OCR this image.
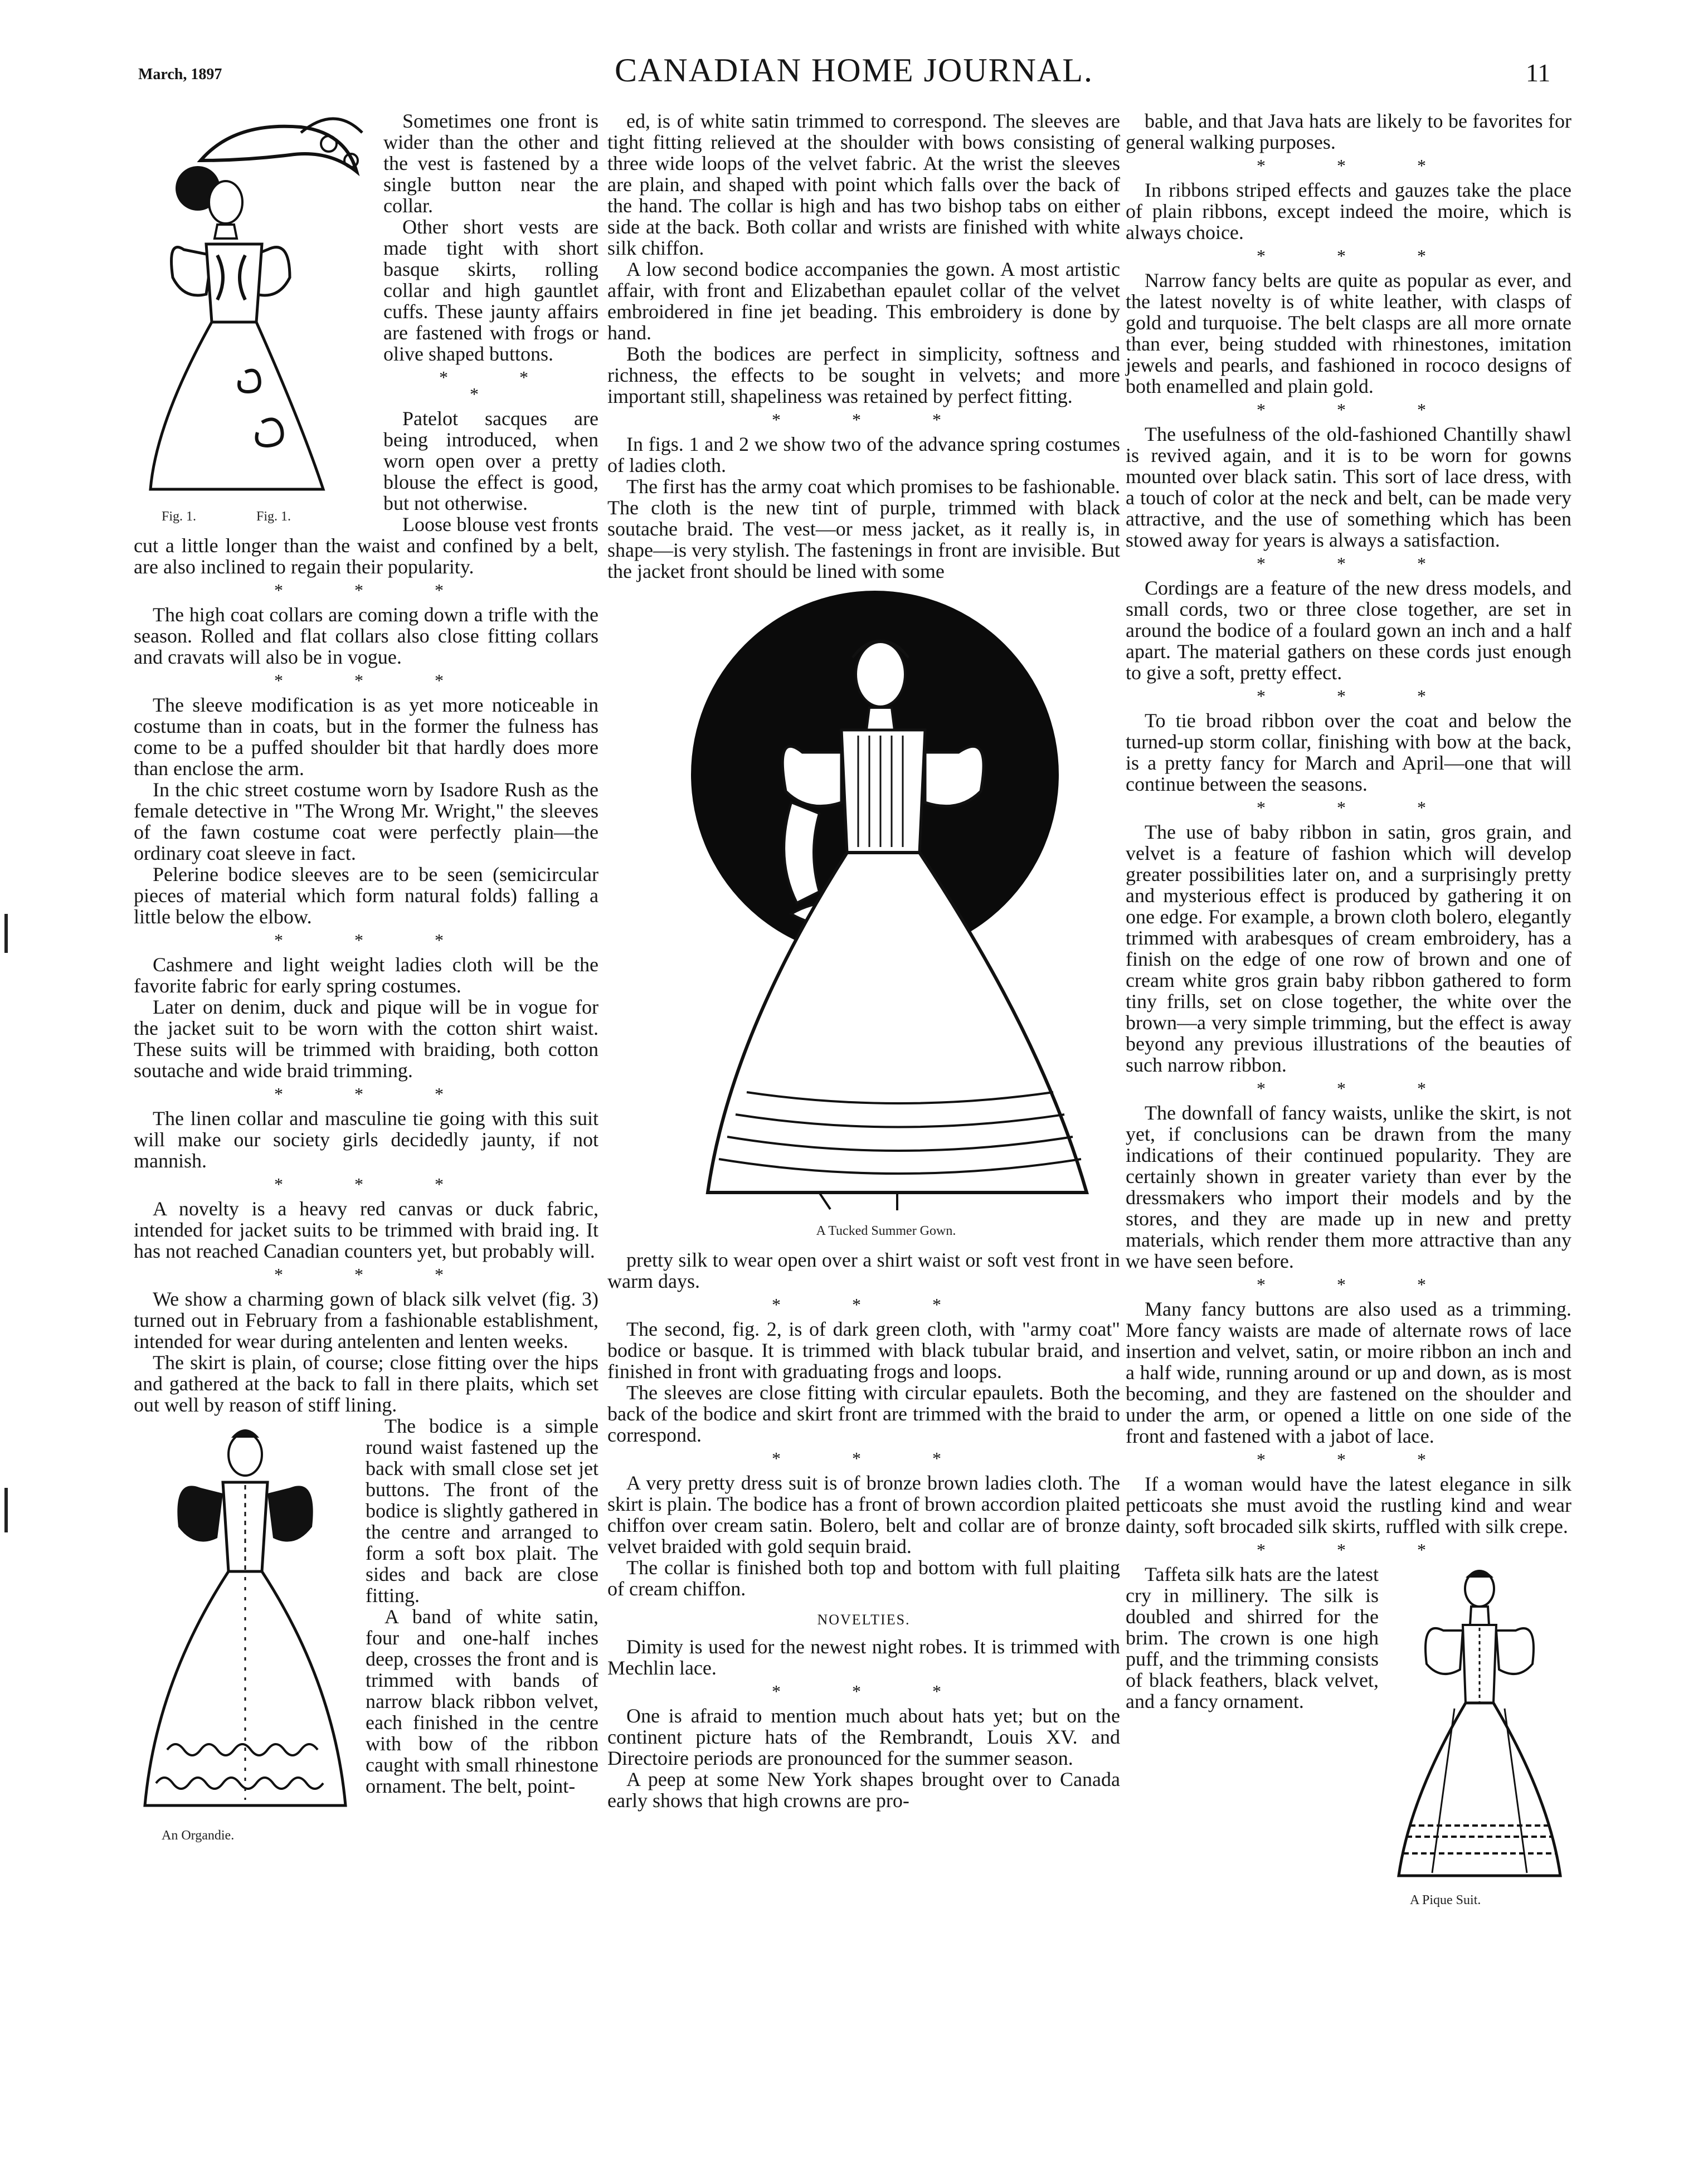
March, 1897	CANADIAN HOME JOURNAL.	11
Fig. 1.	Fig. 1.

Sometimes one front is wider than the other and the vest is fastened by a single button near the collar.

Other short vests are made tight with short basque skirts, rolling collar and high gauntlet cuffs. These jaunty affairs are fastened with frogs or olive shaped buttons.

* * *

Patelot sacques are being introduced, when worn open over a pretty blouse the effect is good, but not otherwise.

Loose blouse vest fronts cut a little longer than the waist and confined by a belt, are also inclined to regain their popularity.

* * *

The high coat collars are coming down a trifle with the season. Rolled and flat collars also close fitting collars and cravats will also be in vogue.

* * *

The sleeve modification is as yet more noticeable in costume than in coats, but in the former the fulness has come to be a puffed shoulder bit that hardly does more than enclose the arm.

In the chic street costume worn by Isadore Rush as the female detective in "The Wrong Mr. Wright," the sleeves of the fawn costume coat were perfectly plain—the ordinary coat sleeve in fact.

Pelerine bodice sleeves are to be seen (semicircular pieces of material which form natural folds) falling a little below the elbow.

* * *

Cashmere and light weight ladies cloth will be the favorite fabric for early spring costumes.

Later on denim, duck and pique will be in vogue for the jacket suit to be worn with the cotton shirt waist. These suits will be trimmed with braiding, both cotton soutache and wide braid trimming.

* * *

The linen collar and masculine tie going with this suit will make our society girls decidedly jaunty, if not mannish.

* * *

A novelty is a heavy red canvas or duck fabric, intended for jacket suits to be trimmed with braid ing. It has not reached Canadian counters yet, but probably will.

* * *

We show a charming gown of black silk velvet (fig. 3) turned out in February from a fashionable establishment, intended for wear during antelenten and lenten weeks.

The skirt is plain, of course; close fitting over the hips and gathered at the back to fall in there plaits, which set out well by reason of stiff lining.

An Organdie.

The bodice is a simple round waist fastened up the back with small close set jet buttons. The front of the bodice is slightly gathered in the centre and arranged to form a soft box plait. The sides and back are close fitting.

A band of white satin, four and one-half inches deep, crosses the front and is trimmed with bands of narrow black ribbon velvet, each finished in the centre with bow of the ribbon caught with small rhinestone ornament. The belt, point-

ed, is of white satin trimmed to correspond. The sleeves are tight fitting relieved at the shoulder with bows consisting of three wide loops of the velvet fabric. At the wrist the sleeves are plain, and shaped with point which falls over the back of the hand. The collar is high and has two bishop tabs on either side at the back. Both collar and wrists are finished with white silk chiffon.

A low second bodice accompanies the gown. A most artistic affair, with front and Elizabethan epaulet collar of the velvet embroidered in fine jet beading. This embroidery is done by hand.

Both the bodices are perfect in simplicity, softness and richness, the effects to be sought in velvets; and more important still, shapeliness was retained by perfect fitting.

* * *

In figs. 1 and 2 we show two of the advance spring costumes of ladies cloth.

The first has the army coat which promises to be fashionable. The cloth is the new tint of purple, trimmed with black soutache braid. The vest—or mess jacket, as it really is, in shape—is very stylish. The fastenings in front are invisible. But the jacket front should be lined with some

A Tucked Summer Gown.

pretty silk to wear open over a shirt waist or soft vest front in warm days.

* * *

The second, fig. 2, is of dark green cloth, with "army coat" bodice or basque. It is trimmed with black tubular braid, and finished in front with graduating frogs and loops.

The sleeves are close fitting with circular epaulets. Both the back of the bodice and skirt front are trimmed with the braid to correspond.

* * *

A very pretty dress suit is of bronze brown ladies cloth. The skirt is plain. The bodice has a front of brown accordion plaited chiffon over cream satin. Bolero, belt and collar are of bronze velvet braided with gold sequin braid.

The collar is finished both top and bottom with full plaiting of cream chiffon.

NOVELTIES.

Dimity is used for the newest night robes. It is trimmed with Mechlin lace.

* * *

One is afraid to mention much about hats yet; but on the continent picture hats of the Rembrandt, Louis XV. and Directoire periods are pronounced for the summer season.

A peep at some New York shapes brought over to Canada early shows that high crowns are pro-

bable, and that Java hats are likely to be favorites for general walking purposes.

* * *

In ribbons striped effects and gauzes take the place of plain ribbons, except indeed the moire, which is always choice.

* * *

Narrow fancy belts are quite as popular as ever, and the latest novelty is of white leather, with clasps of gold and turquoise. The belt clasps are all more ornate than ever, being studded with rhinestones, imitation jewels and pearls, and fashioned in rococo designs of both enamelled and plain gold.

* * *

The usefulness of the old-fashioned Chantilly shawl is revived again, and it is to be worn for gowns mounted over black satin. This sort of lace dress, with a touch of color at the neck and belt, can be made very attractive, and the use of something which has been stowed away for years is always a satisfaction.

* * *

Cordings are a feature of the new dress models, and small cords, two or three close together, are set in around the bodice of a foulard gown an inch and a half apart. The material gathers on these cords just enough to give a soft, pretty effect.

* * *

To tie broad ribbon over the coat and below the turned-up storm collar, finishing with bow at the back, is a pretty fancy for March and April—one that will continue between the seasons.

* * *

The use of baby ribbon in satin, gros grain, and velvet is a feature of fashion which will develop greater possibilities later on, and a surprisingly pretty and mysterious effect is produced by gathering it on one edge. For example, a brown cloth bolero, elegantly trimmed with arabesques of cream embroidery, has a finish on the edge of one row of brown and one of cream white gros grain baby ribbon gathered to form tiny frills, set on close together, the white over the brown—a very simple trimming, but the effect is away beyond any previous illustrations of the beauties of such narrow ribbon.

* * *

The downfall of fancy waists, unlike the skirt, is not yet, if conclusions can be drawn from the many indications of their continued popularity. They are certainly shown in greater variety than ever by the dressmakers who import their models and by the stores, and they are made up in new and pretty materials, which render them more attractive than any we have seen before.

* * *

Many fancy buttons are also used as a trimming. More fancy waists are made of alternate rows of lace insertion and velvet, satin, or moire ribbon an inch and a half wide, running around or up and down, as is most becoming, and they are fastened on the shoulder and under the arm, or opened a little on one side of the front and fastened with a jabot of lace.

* * *

If a woman would have the latest elegance in silk petticoats she must avoid the rustling kind and wear dainty, soft brocaded silk skirts, ruffled with silk crepe.

* * *

A Pique Suit.

Taffeta silk hats are the latest cry in millinery. The silk is doubled and shirred for the brim. The crown is one high puff, and the trimming consists of black feathers, black velvet, and a fancy ornament.
